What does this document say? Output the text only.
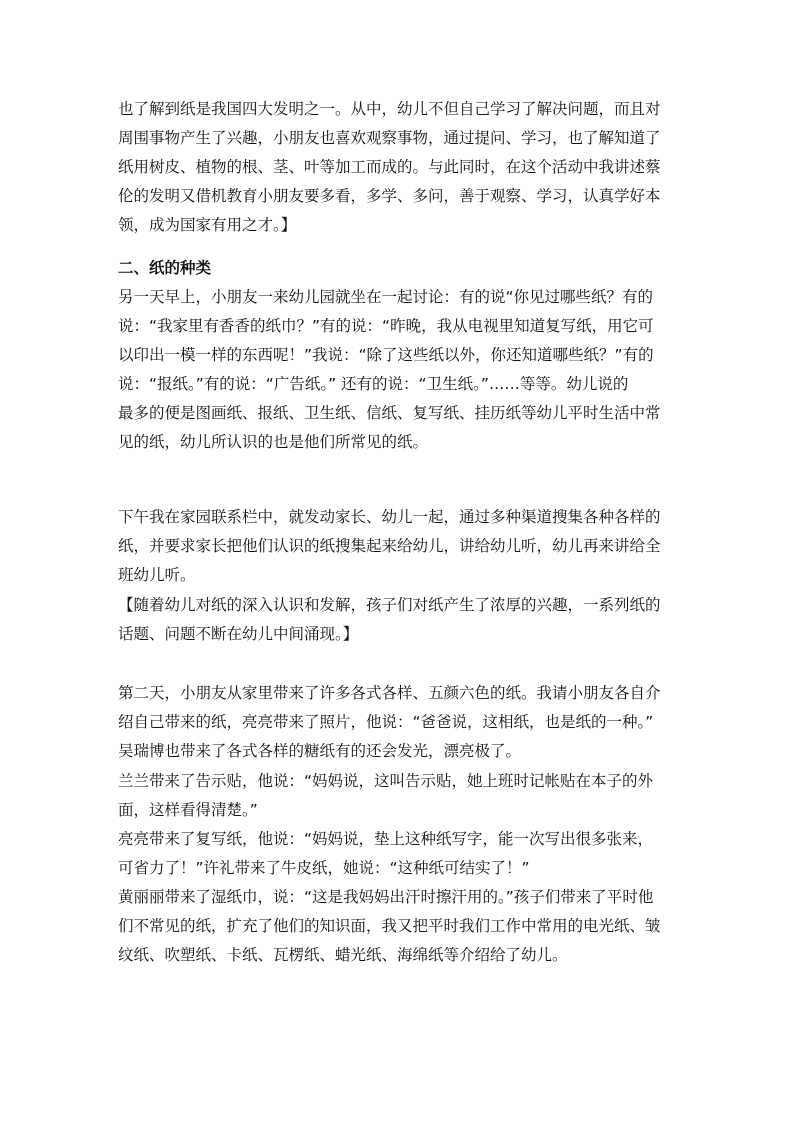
也了解到纸是我国四大发明之一。从中，幼儿不但自己学习了解决问题，而且对
周围事物产生了兴趣，小朋友也喜欢观察事物，通过提问、学习，也了解知道了
纸用树皮、植物的根、茎、叶等加工而成的。与此同时，在这个活动中我讲述蔡
伦的发明又借机教育小朋友要多看，多学、多问，善于观察、学习，认真学好本
领，成为国家有用之才。】
二、纸的种类
另一天早上，小朋友一来幼儿园就坐在一起讨论：有的说“你见过哪些纸？有的
说：“我家里有香香的纸巾？”有的说：“昨晚，我从电视里知道复写纸，用它可
以印出一模一样的东西呢！”我说：“除了这些纸以外，你还知道哪些纸？”有的
说：“报纸。”有的说：“广告纸。” 还有的说：“卫生纸。”……等等。幼儿说的
最多的便是图画纸、报纸、卫生纸、信纸、复写纸、挂历纸等幼儿平时生活中常
见的纸，幼儿所认识的也是他们所常见的纸。
下午我在家园联系栏中，就发动家长、幼儿一起，通过多种渠道搜集各种各样的
纸，并要求家长把他们认识的纸搜集起来给幼儿，讲给幼儿听，幼儿再来讲给全
班幼儿听。
【随着幼儿对纸的深入认识和发解，孩子们对纸产生了浓厚的兴趣，一系列纸的
话题、问题不断在幼儿中间涌现。】
第二天，小朋友从家里带来了许多各式各样、五颜六色的纸。我请小朋友各自介
绍自己带来的纸，亮亮带来了照片，他说：“爸爸说，这相纸，也是纸的一种。”
吴瑞博也带来了各式各样的糖纸有的还会发光，漂亮极了。
兰兰带来了告示贴，他说：“妈妈说，这叫告示贴，她上班时记帐贴在本子的外
面，这样看得清楚。”
亮亮带来了复写纸，他说：“妈妈说，垫上这种纸写字，能一次写出很多张来，
可省力了！”许礼带来了牛皮纸，她说：“这种纸可结实了！”
黄丽丽带来了湿纸巾，说：“这是我妈妈出汗时擦汗用的。”孩子们带来了平时他
们不常见的纸，扩充了他们的知识面，我又把平时我们工作中常用的电光纸、皱
纹纸、吹塑纸、卡纸、瓦楞纸、蜡光纸、海绵纸等介绍给了幼儿。
